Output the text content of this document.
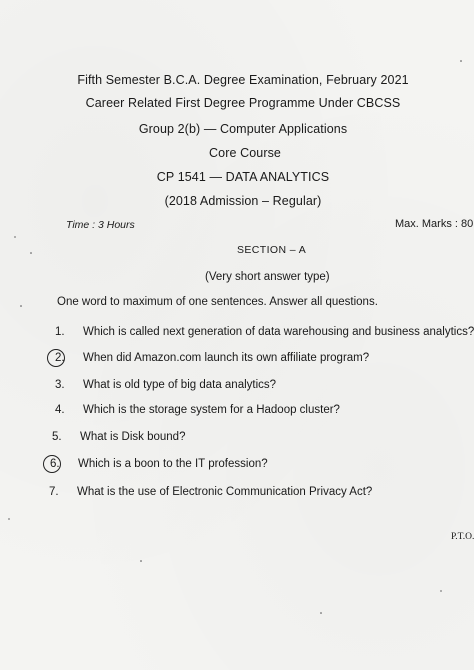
Fifth Semester B.C.A. Degree Examination, February 2021
Career Related First Degree Programme Under CBCSS
Group 2(b) — Computer Applications
Core Course
CP 1541 — DATA ANALYTICS
(2018 Admission – Regular)
Time : 3 Hours	Max. Marks : 80
SECTION – A
(Very short answer type)
One word to maximum of one sentences. Answer all questions.
1. Which is called next generation of data warehousing and business analytics?
2. When did Amazon.com launch its own affiliate program?
3. What is old type of big data analytics?
4. Which is the storage system for a Hadoop cluster?
5. What is Disk bound?
6. Which is a boon to the IT profession?
7. What is the use of Electronic Communication Privacy Act?
P.T.O.
